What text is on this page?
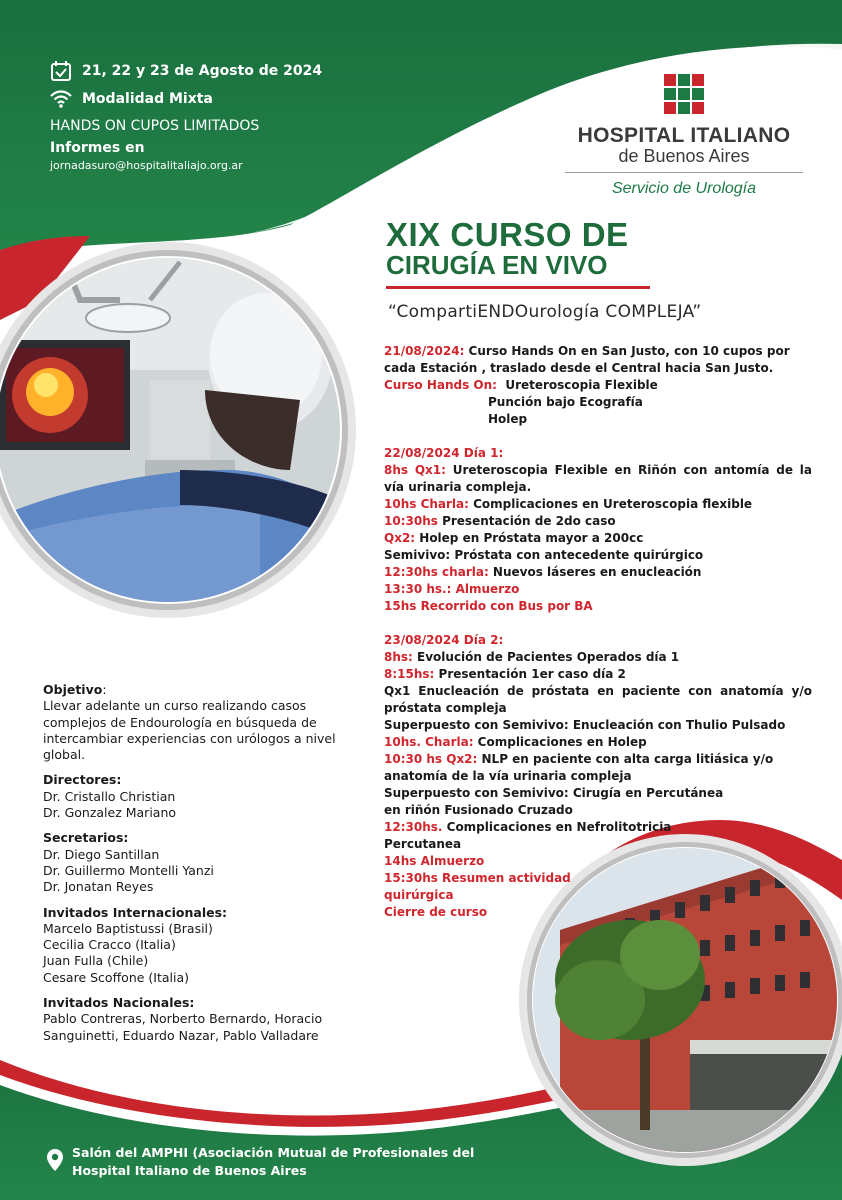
21, 22 y 23 de Agosto de 2024
Modalidad Mixta
HANDS ON CUPOS LIMITADOS
Informes en
jornadasuro@hospitalitaliajo.org.ar
HOSPITAL ITALIANO
de Buenos Aires
Servicio de Urología
XIX CURSO DE
CIRUGÍA EN VIVO
“CompartiENDOurología COMPLEJA”

21/08/2024: Curso Hands On en San Justo, con 10 cupos por

cada Estación , traslado desde el Central hacia San Justo.

Curso Hands On:  Ureteroscopia Flexible

Punción bajo Ecografía

Holep

22/08/2024 Día 1:

8hs Qx1: Ureteroscopia Flexible en Riñón con antomía de la vía urinaria compleja.

10hs Charla: Complicaciones en Ureteroscopia flexible

10:30hs Presentación de 2do caso

Qx2: Holep en Próstata mayor a 200cc

Semivivo: Próstata con antecedente quirúrgico

12:30hs charla: Nuevos láseres en enucleación

13:30 hs.: Almuerzo

15hs Recorrido con Bus por BA

23/08/2024 Día 2:

8hs: Evolución de Pacientes Operados día 1

8:15hs: Presentación 1er caso día 2

Qx1 Enucleación de próstata en paciente con anatomía y/o próstata compleja

Superpuesto con Semivivo: Enucleación con Thulio Pulsado

10hs. Charla: Complicaciones en Holep

10:30 hs Qx2: NLP en paciente con alta carga litiásica y/o

anatomía de la vía urinaria compleja

Superpuesto con Semivivo: Cirugía en Percutánea

en riñón Fusionado Cruzado

12:30hs. Complicaciones en Nefrolitotricia

Percutanea

14hs Almuerzo

15:30hs Resumen actividad

quirúrgica

Cierre de curso

Objetivo:

Llevar adelante un curso realizando casos complejos de Endourología en búsqueda de intercambiar experiencias con urólogos a nivel global.

Directores:

Dr. Cristallo Christian

Dr. Gonzalez Mariano

Secretarios:

Dr. Diego Santillan

Dr. Guillermo Montelli Yanzi

Dr. Jonatan Reyes

Invitados Internacionales:

Marcelo Baptistussi (Brasil)

Cecilia Cracco (Italia)

Juan Fulla (Chile)

Cesare Scoffone (Italia)

Invitados Nacionales:

Pablo Contreras, Norberto Bernardo, Horacio Sanguinetti, Eduardo Nazar, Pablo Valladare

Salón del AMPHI (Asociación Mutual de Profesionales del
Hospital Italiano de Buenos Aires
